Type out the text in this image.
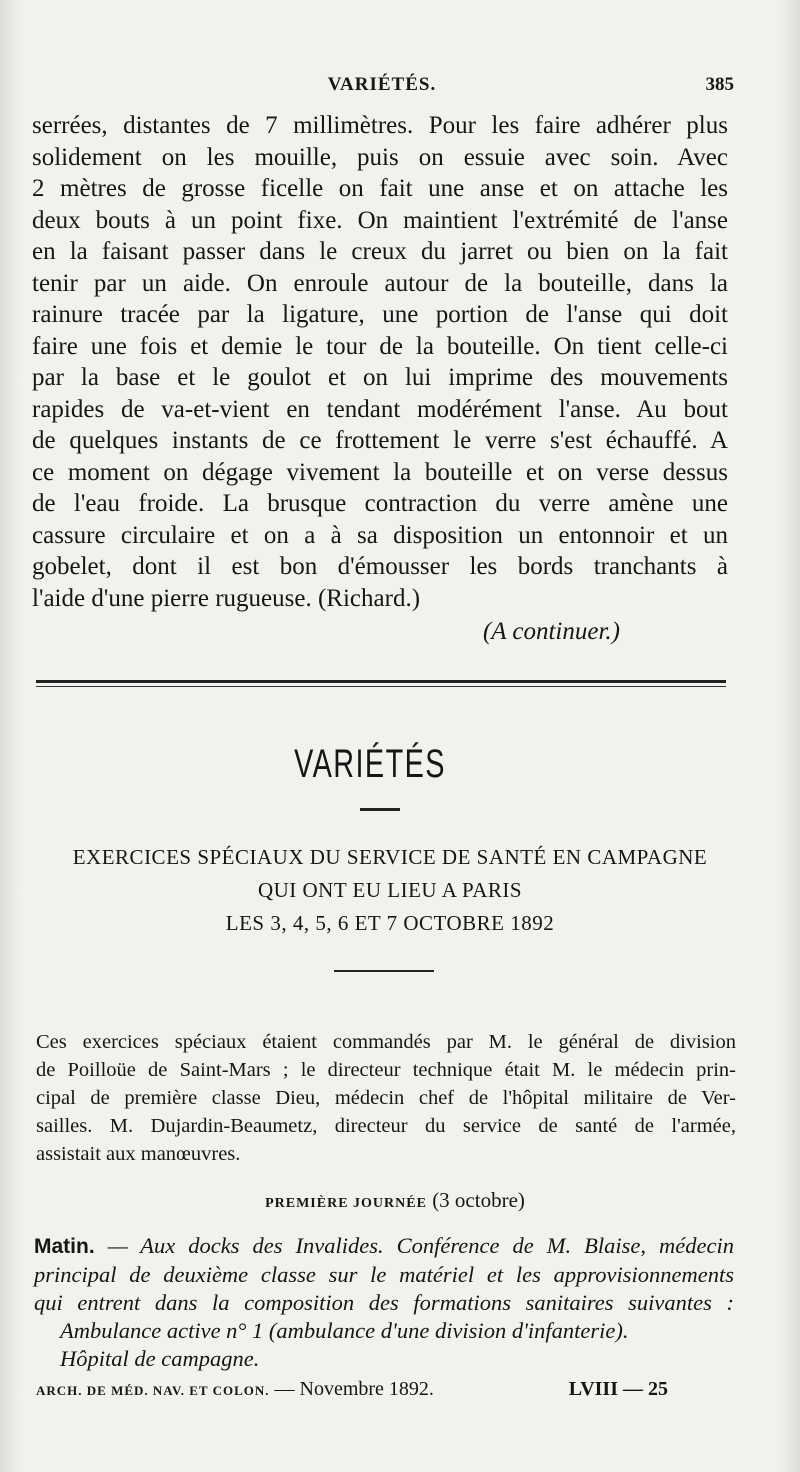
VARIÉTÉS.	385
serrées, distantes de 7 millimètres. Pour les faire adhérer plus
solidement on les mouille, puis on essuie avec soin. Avec
2 mètres de grosse ficelle on fait une anse et on attache les
deux bouts à un point fixe. On maintient l'extrémité de l'anse
en la faisant passer dans le creux du jarret ou bien on la fait
tenir par un aide. On enroule autour de la bouteille, dans la
rainure tracée par la ligature, une portion de l'anse qui doit
faire une fois et demie le tour de la bouteille. On tient celle-ci
par la base et le goulot et on lui imprime des mouvements
rapides de va-et-vient en tendant modérément l'anse. Au bout
de quelques instants de ce frottement le verre s'est échauffé. A
ce moment on dégage vivement la bouteille et on verse dessus
de l'eau froide. La brusque contraction du verre amène une
cassure circulaire et on a à sa disposition un entonnoir et un
gobelet, dont il est bon d'émousser les bords tranchants à
l'aide d'une pierre rugueuse. (Richard.)
(A continuer.)
VARIÉTÉS
EXERCICES SPÉCIAUX DU SERVICE DE SANTÉ EN CAMPAGNE
QUI ONT EU LIEU A PARIS
LES 3, 4, 5, 6 ET 7 OCTOBRE 1892
Ces exercices spéciaux étaient commandés par M. le général de division
de Poilloüe de Saint-Mars ; le directeur technique était M. le médecin prin-
cipal de première classe Dieu, médecin chef de l'hôpital militaire de Ver-
sailles. M. Dujardin-Beaumetz, directeur du service de santé de l'armée,
assistait aux manœuvres.
PREMIÈRE JOURNÉE (3 octobre)
Matin. — Aux docks des Invalides. Conférence de M. Blaise, médecin
principal de deuxième classe sur le matériel et les approvisionnements
qui entrent dans la composition des formations sanitaires suivantes :
Ambulance active n° 1 (ambulance d'une division d'infanterie).
Hôpital de campagne.
ARCH. DE MÉD. NAV. ET COLON. — Novembre 1892.	LVIII — 25
